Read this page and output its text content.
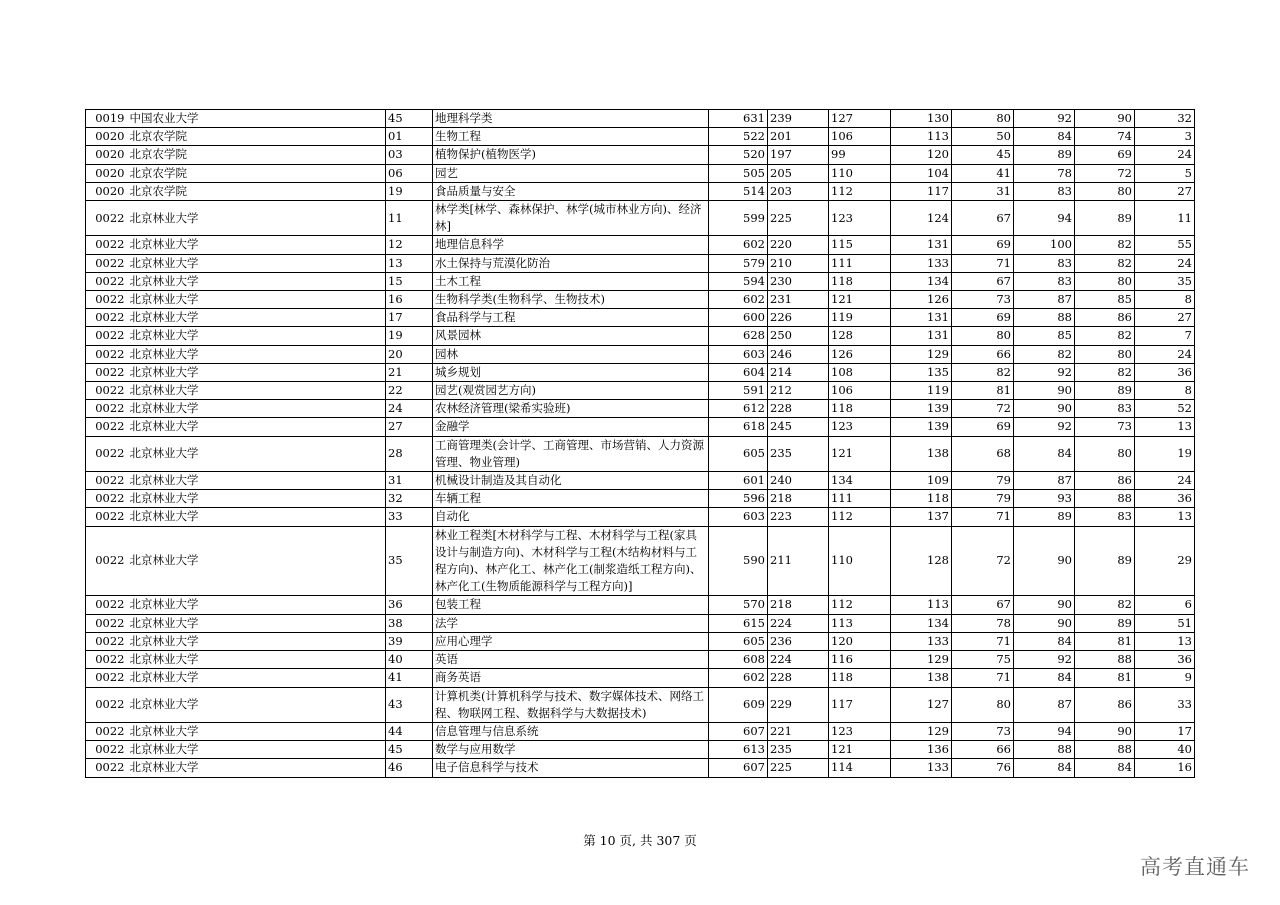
0019	中国农业大学	45	地理科学类	631	239	127	130	80	92	90	32
0020	北京农学院	01	生物工程	522	201	106	113	50	84	74	3
0020	北京农学院	03	植物保护(植物医学)	520	197	99	120	45	89	69	24
0020	北京农学院	06	园艺	505	205	110	104	41	78	72	5
0020	北京农学院	19	食品质量与安全	514	203	112	117	31	83	80	27
0022	北京林业大学	11	林学类[林学、森林保护、林学(城市林业方向)、经济林]	599	225	123	124	67	94	89	11
0022	北京林业大学	12	地理信息科学	602	220	115	131	69	100	82	55
0022	北京林业大学	13	水土保持与荒漠化防治	579	210	111	133	71	83	82	24
0022	北京林业大学	15	土木工程	594	230	118	134	67	83	80	35
0022	北京林业大学	16	生物科学类(生物科学、生物技术)	602	231	121	126	73	87	85	8
0022	北京林业大学	17	食品科学与工程	600	226	119	131	69	88	86	27
0022	北京林业大学	19	风景园林	628	250	128	131	80	85	82	7
0022	北京林业大学	20	园林	603	246	126	129	66	82	80	24
0022	北京林业大学	21	城乡规划	604	214	108	135	82	92	82	36
0022	北京林业大学	22	园艺(观赏园艺方向)	591	212	106	119	81	90	89	8
0022	北京林业大学	24	农林经济管理(梁希实验班)	612	228	118	139	72	90	83	52
0022	北京林业大学	27	金融学	618	245	123	139	69	92	73	13
0022	北京林业大学	28	工商管理类(会计学、工商管理、市场营销、人力资源管理、物业管理)	605	235	121	138	68	84	80	19
0022	北京林业大学	31	机械设计制造及其自动化	601	240	134	109	79	87	86	24
0022	北京林业大学	32	车辆工程	596	218	111	118	79	93	88	36
0022	北京林业大学	33	自动化	603	223	112	137	71	89	83	13
0022	北京林业大学	35	林业工程类[木材科学与工程、木材科学与工程(家具设计与制造方向)、木材科学与工程(木结构材料与工程方向)、林产化工、林产化工(制浆造纸工程方向)、林产化工(生物质能源科学与工程方向)]	590	211	110	128	72	90	89	29
0022	北京林业大学	36	包装工程	570	218	112	113	67	90	82	6
0022	北京林业大学	38	法学	615	224	113	134	78	90	89	51
0022	北京林业大学	39	应用心理学	605	236	120	133	71	84	81	13
0022	北京林业大学	40	英语	608	224	116	129	75	92	88	36
0022	北京林业大学	41	商务英语	602	228	118	138	71	84	81	9
0022	北京林业大学	43	计算机类(计算机科学与技术、数字媒体技术、网络工程、物联网工程、数据科学与大数据技术)	609	229	117	127	80	87	86	33
0022	北京林业大学	44	信息管理与信息系统	607	221	123	129	73	94	90	17
0022	北京林业大学	45	数学与应用数学	613	235	121	136	66	88	88	40
0022	北京林业大学	46	电子信息科学与技术	607	225	114	133	76	84	84	16
第 10 页, 共 307 页
高考直通车
